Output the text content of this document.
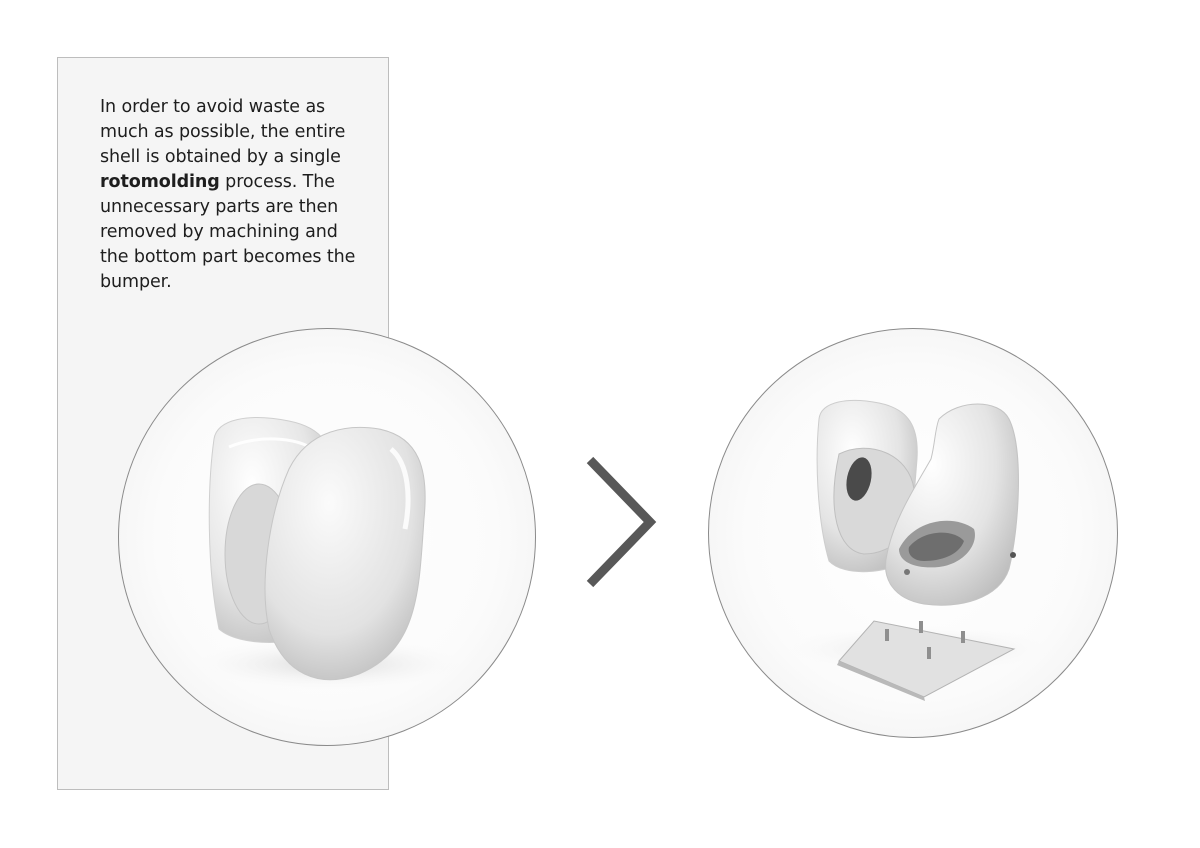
In order to avoid waste as much as possible, the entire shell is obtained by a single rotomolding process. The unnecessary parts are then removed by machining and the bottom part becomes the bumper.
